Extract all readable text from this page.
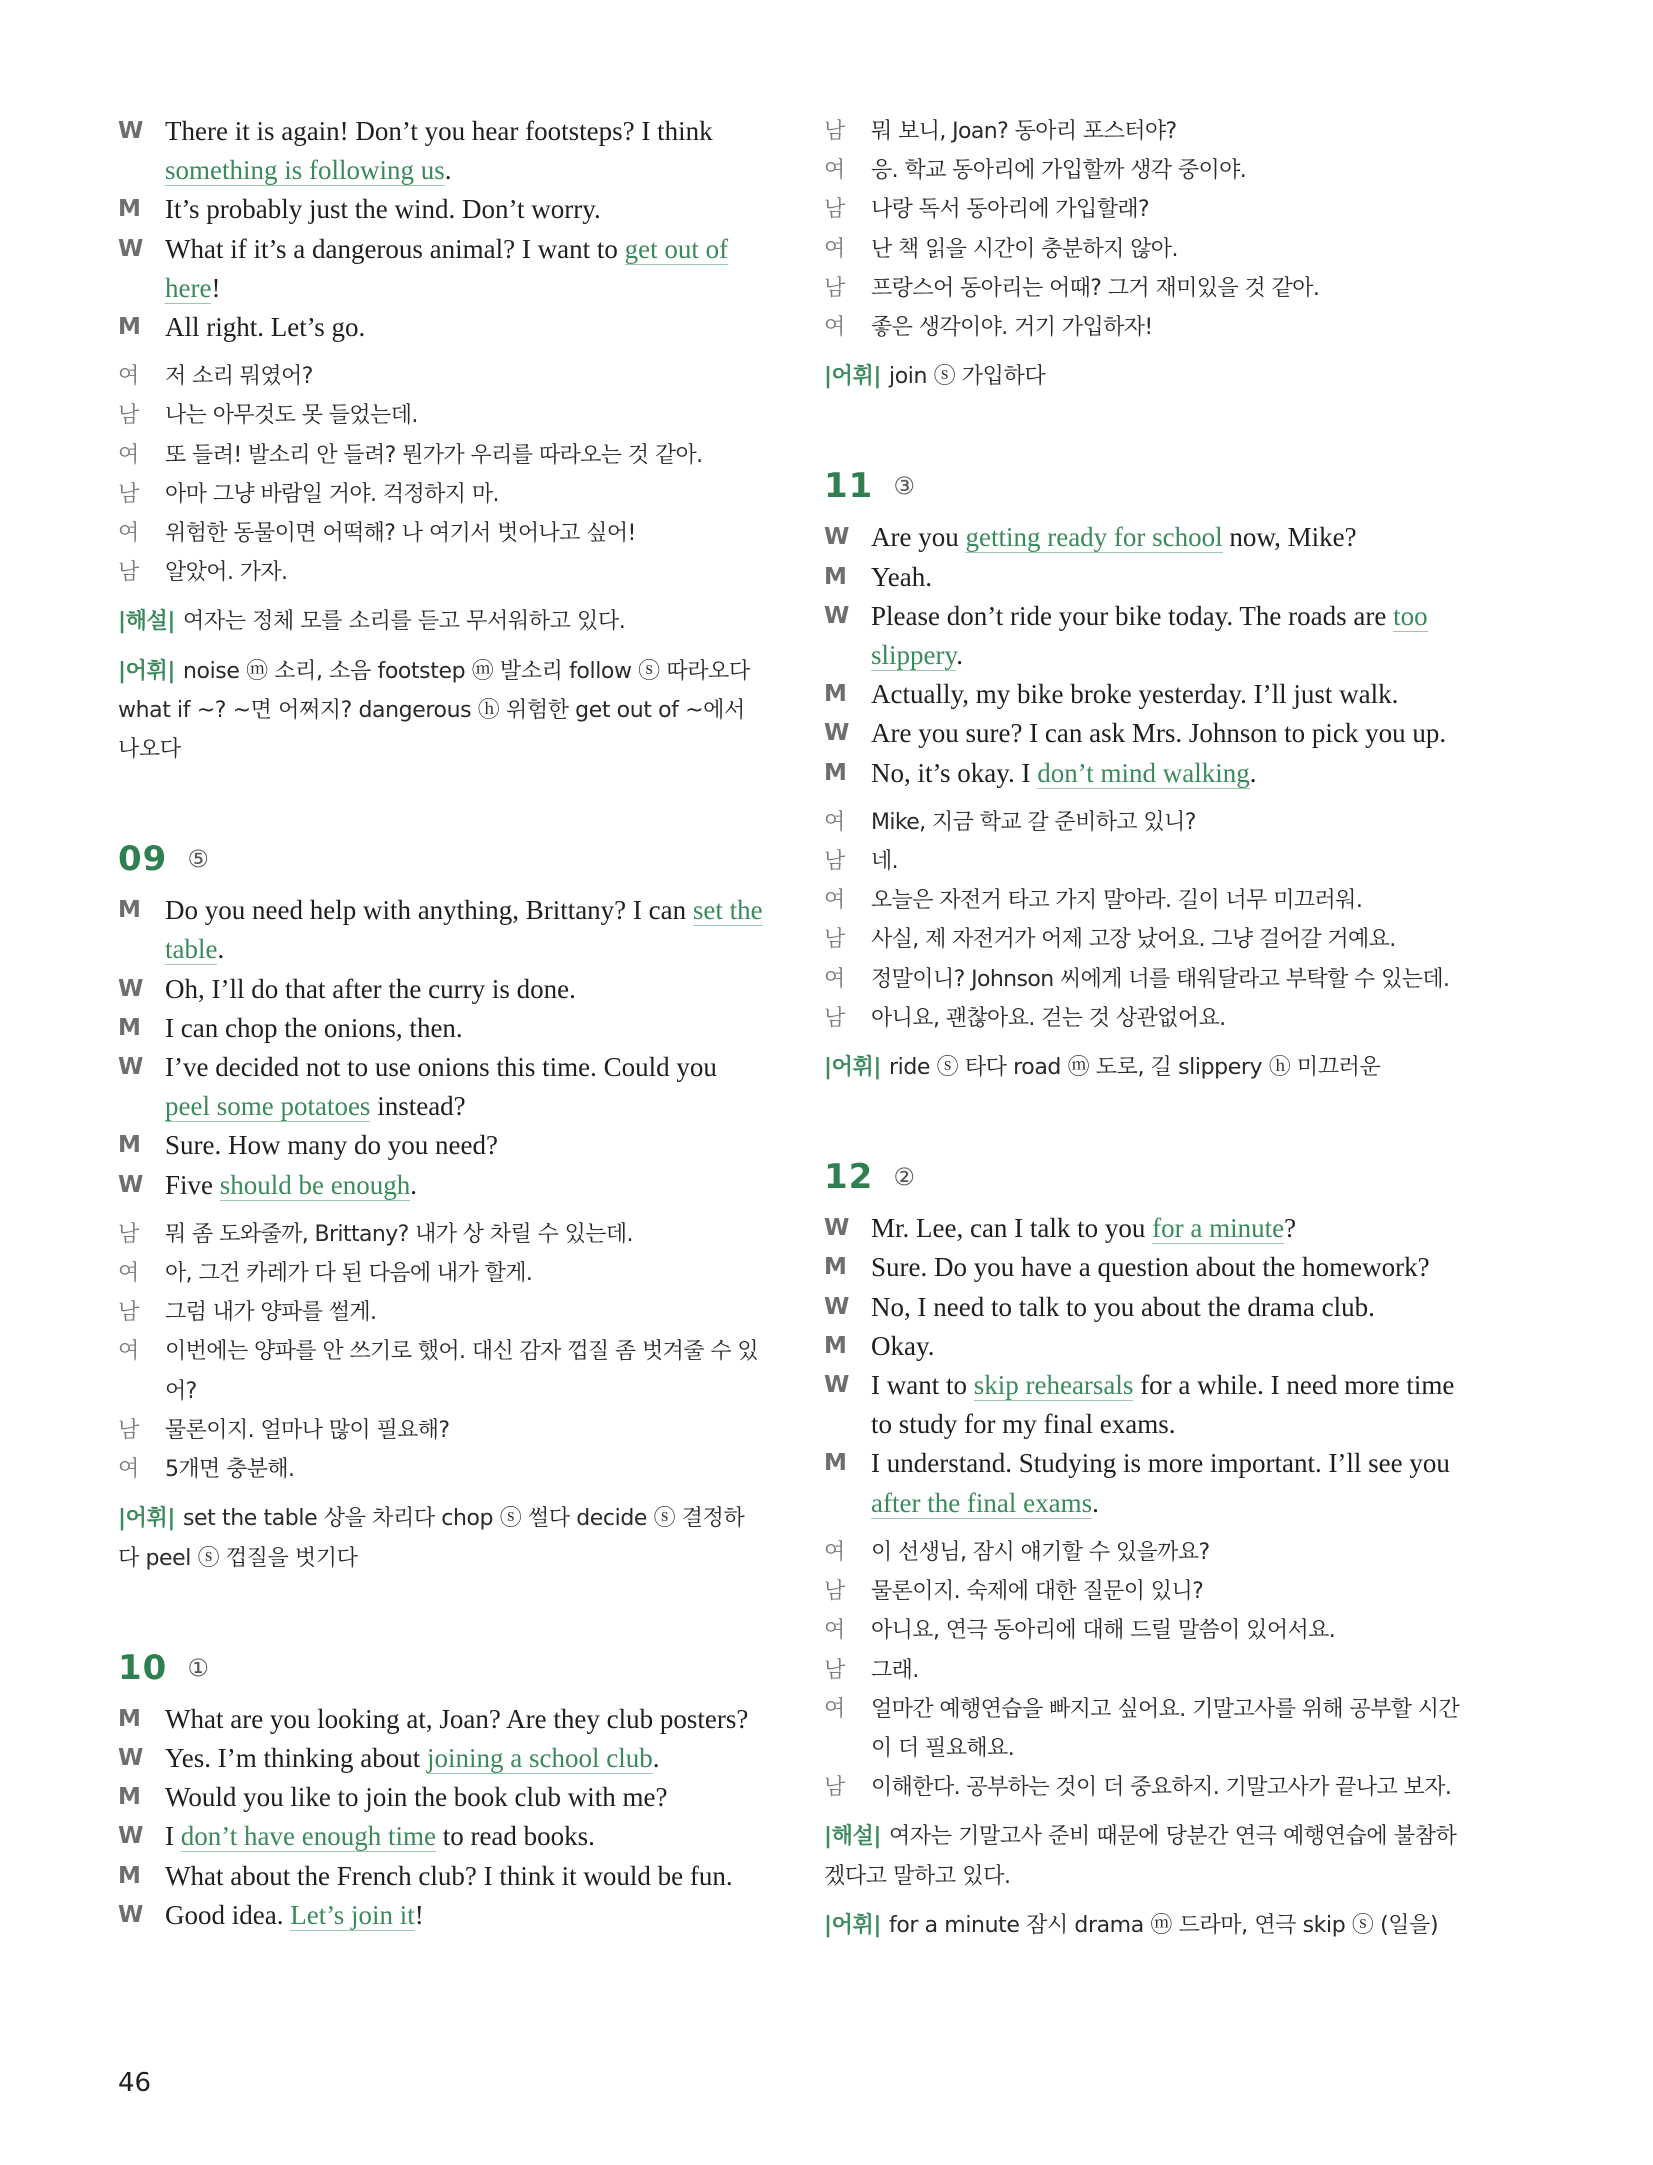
W There it is again! Don’t you hear footsteps? I think something is following us.
M It’s probably just the wind. Don’t worry.
W What if it’s a dangerous animal? I want to get out of here!
M All right. Let’s go.
여 저 소리 뭐였어?
남 나는 아무것도 못 들었는데.
여 또 들려! 발소리 안 들려? 뭔가가 우리를 따라오는 것 같아.
남 아마 그냥 바람일 거야. 걱정하지 마.
여 위험한 동물이면 어떡해? 나 여기서 벗어나고 싶어!
남 알았어. 가자.
|해설| 여자는 정체 모를 소리를 듣고 무서워하고 있다.
|어휘| noise ⓜ 소리, 소음 footstep ⓜ 발소리 follow ⓢ 따라오다 what if ~? ~면 어쩌지? dangerous ⓗ 위험한 get out of ~에서 나오다
09 ⑤
M Do you need help with anything, Brittany? I can set the table.
W Oh, I’ll do that after the curry is done.
M I can chop the onions, then.
W I’ve decided not to use onions this time. Could you peel some potatoes instead?
M Sure. How many do you need?
W Five should be enough.
남 뭐 좀 도와줄까, Brittany? 내가 상 차릴 수 있는데.
여 아, 그건 카레가 다 된 다음에 내가 할게.
남 그럼 내가 양파를 썰게.
여 이번에는 양파를 안 쓰기로 했어. 대신 감자 껍질 좀 벗겨줄 수 있어?
남 물론이지. 얼마나 많이 필요해?
여 5개면 충분해.
|어휘| set the table 상을 차리다 chop ⓢ 썰다 decide ⓢ 결정하다 peel ⓢ 껍질을 벗기다
10 ①
M What are you looking at, Joan? Are they club posters?
W Yes. I’m thinking about joining a school club.
M Would you like to join the book club with me?
W I don’t have enough time to read books.
M What about the French club? I think it would be fun.
W Good idea. Let’s join it!
남 뭐 보니, Joan? 동아리 포스터야?
여 응. 학교 동아리에 가입할까 생각 중이야.
남 나랑 독서 동아리에 가입할래?
여 난 책 읽을 시간이 충분하지 않아.
남 프랑스어 동아리는 어때? 그거 재미있을 것 같아.
여 좋은 생각이야. 거기 가입하자!
|어휘| join ⓢ 가입하다
11 ③
W Are you getting ready for school now, Mike?
M Yeah.
W Please don’t ride your bike today. The roads are too slippery.
M Actually, my bike broke yesterday. I’ll just walk.
W Are you sure? I can ask Mrs. Johnson to pick you up.
M No, it’s okay. I don’t mind walking.
여 Mike, 지금 학교 갈 준비하고 있니?
남 네.
여 오늘은 자전거 타고 가지 말아라. 길이 너무 미끄러워.
남 사실, 제 자전거가 어제 고장 났어요. 그냥 걸어갈 거예요.
여 정말이니? Johnson 씨에게 너를 태워달라고 부탁할 수 있는데.
남 아니요, 괜찮아요. 걷는 것 상관없어요.
|어휘| ride ⓢ 타다 road ⓜ 도로, 길 slippery ⓗ 미끄러운
12 ②
W Mr. Lee, can I talk to you for a minute?
M Sure. Do you have a question about the homework?
W No, I need to talk to you about the drama club.
M Okay.
W I want to skip rehearsals for a while. I need more time to study for my final exams.
M I understand. Studying is more important. I’ll see you after the final exams.
여 이 선생님, 잠시 얘기할 수 있을까요?
남 물론이지. 숙제에 대한 질문이 있니?
여 아니요, 연극 동아리에 대해 드릴 말씀이 있어서요.
남 그래.
여 얼마간 예행연습을 빠지고 싶어요. 기말고사를 위해 공부할 시간이 더 필요해요.
남 이해한다. 공부하는 것이 더 중요하지. 기말고사가 끝나고 보자.
|해설| 여자는 기말고사 준비 때문에 당분간 연극 예행연습에 불참하겠다고 말하고 있다.
|어휘| for a minute 잠시 drama ⓜ 드라마, 연극 skip ⓢ (일을)
46
